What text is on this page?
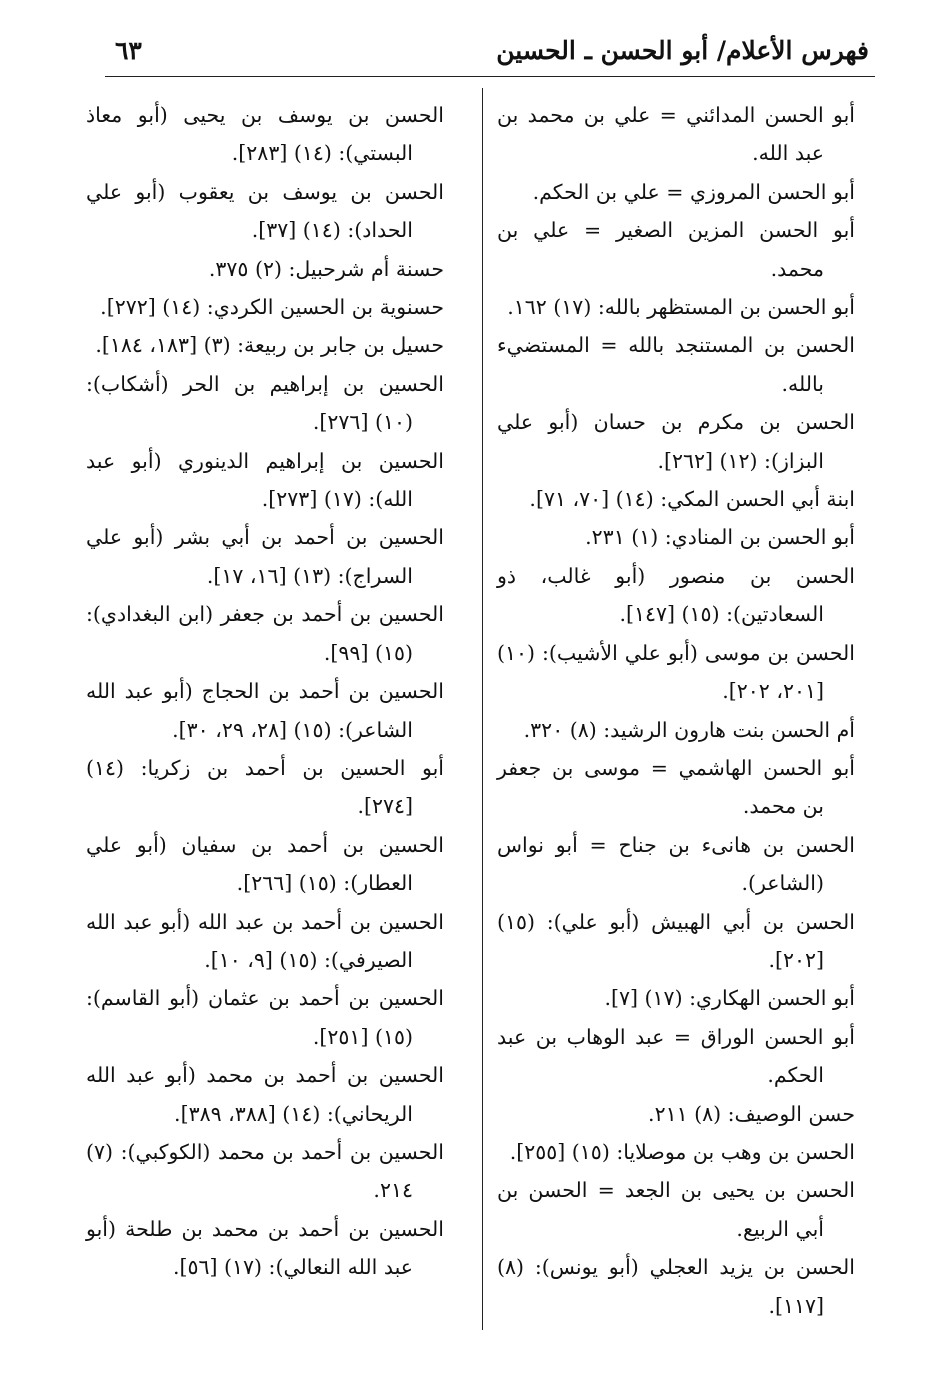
فهرس الأعلام/ أبو الحسن ـ الحسين
٦٣

أبو الحسن المدائني = علي بن محمد بن عبد الله.

أبو الحسن المروزي = علي بن الحكم.

أبو الحسن المزين الصغير = علي بن محمد.

أبو الحسن بن المستظهر بالله: (١٧) ١٦٢.

الحسن بن المستنجد بالله = المستضيء بالله.

الحسن بن مكرم بن حسان (أبو علي البزاز): (١٢) [٢٦٢].

ابنة أبي الحسن المكي: (١٤) [٧٠، ٧١].

أبو الحسن بن المنادي: (١) ٢٣١.

الحسن بن منصور (أبو غالب، ذو السعادتين): (١٥) [١٤٧].

الحسن بن موسى (أبو علي الأشيب): (١٠) [٢٠١، ٢٠٢].

أم الحسن بنت هارون الرشيد: (٨) ٣٢٠.

أبو الحسن الهاشمي = موسى بن جعفر بن محمد.

الحسن بن هانىء بن جناح = أبو نواس (الشاعر).

الحسن بن أبي الهبيش (أبو علي): (١٥) [٢٠٢].

أبو الحسن الهكاري: (١٧) [٧].

أبو الحسن الوراق = عبد الوهاب بن عبد الحكم.

حسن الوصيف: (٨) ٢١١.

الحسن بن وهب بن موصلايا: (١٥) [٢٥٥].

الحسن بن يحيى بن الجعد = الحسن بن أبي الربيع.

الحسن بن يزيد العجلي (أبو يونس): (٨) [١١٧].

الحسن بن يوسف بن يحيى (أبو معاذ البستي): (١٤) [٢٨٣].

الحسن بن يوسف بن يعقوب (أبو علي الحداد): (١٤) [٣٧].

حسنة أم شرحبيل: (٢) ٣٧٥.

حسنوية بن الحسين الكردي: (١٤) [٢٧٢].

حسيل بن جابر بن ربيعة: (٣) [١٨٣، ١٨٤].

الحسين بن إبراهيم بن الحر (أشكاب): (١٠) [٢٧٦].

الحسين بن إبراهيم الدينوري (أبو عبد الله): (١٧) [٢٧٣].

الحسين بن أحمد بن أبي بشر (أبو علي السراج): (١٣) [١٦، ١٧].

الحسين بن أحمد بن جعفر (ابن البغدادي): (١٥) [٩٩].

الحسين بن أحمد بن الحجاج (أبو عبد الله الشاعر): (١٥) [٢٨، ٢٩، ٣٠].

أبو الحسين بن أحمد بن زكريا: (١٤) [٢٧٤].

الحسين بن أحمد بن سفيان (أبو علي العطار): (١٥) [٢٦٦].

الحسين بن أحمد بن عبد الله (أبو عبد الله الصيرفي): (١٥) [٩، ١٠].

الحسين بن أحمد بن عثمان (أبو القاسم): (١٥) [٢٥١].

الحسين بن أحمد بن محمد (أبو عبد الله الريحاني): (١٤) [٣٨٨، ٣٨٩].

الحسين بن أحمد بن محمد (الكوكبي): (٧) ٢١٤.

الحسين بن أحمد بن محمد بن طلحة (أبو عبد الله النعالي): (١٧) [٥٦].
